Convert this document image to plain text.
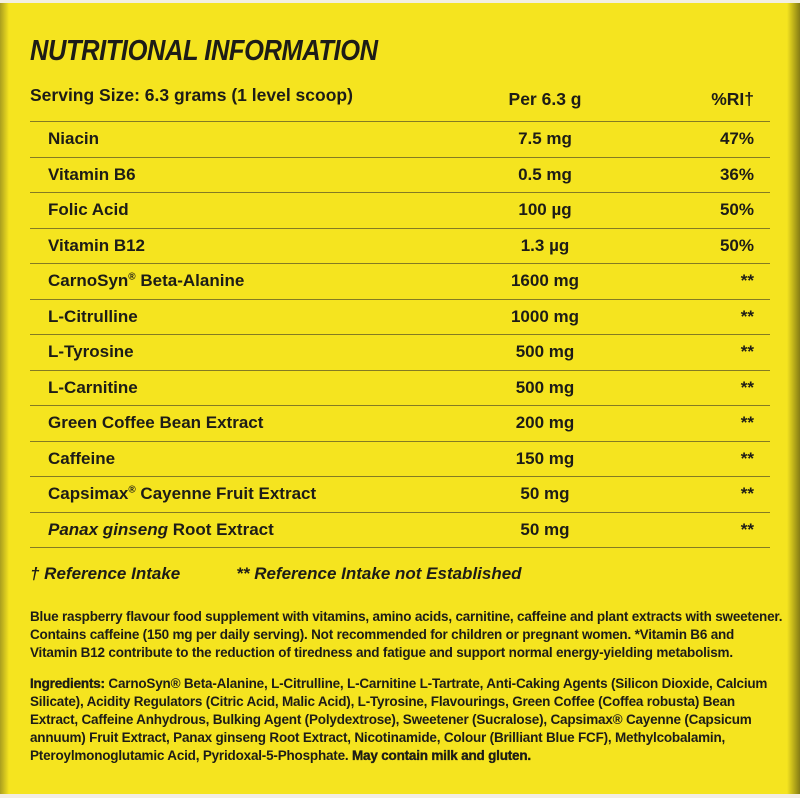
NUTRITIONAL INFORMATION
Serving Size: 6.3 grams (1 level scoop)	Per 6.3 g	%RI†
Niacin	7.5 mg	47%
Vitamin B6	0.5 mg	36%
Folic Acid	100 µg	50%
Vitamin B12	1.3 µg	50%
CarnoSyn® Beta-Alanine	1600 mg	**
L-Citrulline	1000 mg	**
L-Tyrosine	500 mg	**
L-Carnitine	500 mg	**
Green Coffee Bean Extract	200 mg	**
Caffeine	150 mg	**
Capsimax® Cayenne Fruit Extract	50 mg	**
Panax ginseng Root Extract	50 mg	**
† Reference Intake	** Reference Intake not Established

Blue raspberry flavour food supplement with vitamins, amino acids, carnitine, caffeine and plant extracts with sweetener. Contains caffeine (150 mg per daily serving). Not recommended for children or pregnant women. *Vitamin B6 and Vitamin B12 contribute to the reduction of tiredness and fatigue and support normal energy-yielding metabolism.

Ingredients: CarnoSyn® Beta-Alanine, L-Citrulline, L-Carnitine L-Tartrate, Anti-Caking Agents (Silicon Dioxide, Calcium Silicate), Acidity Regulators (Citric Acid, Malic Acid), L-Tyrosine, Flavourings, Green Coffee (Coffea robusta) Bean Extract, Caffeine Anhydrous, Bulking Agent (Polydextrose), Sweetener (Sucralose), Capsimax® Cayenne (Capsicum annuum) Fruit Extract, Panax ginseng Root Extract, Nicotinamide, Colour (Brilliant Blue FCF), Methylcobalamin, Pteroylmonoglutamic Acid, Pyridoxal-5-Phosphate. May contain milk and gluten.
